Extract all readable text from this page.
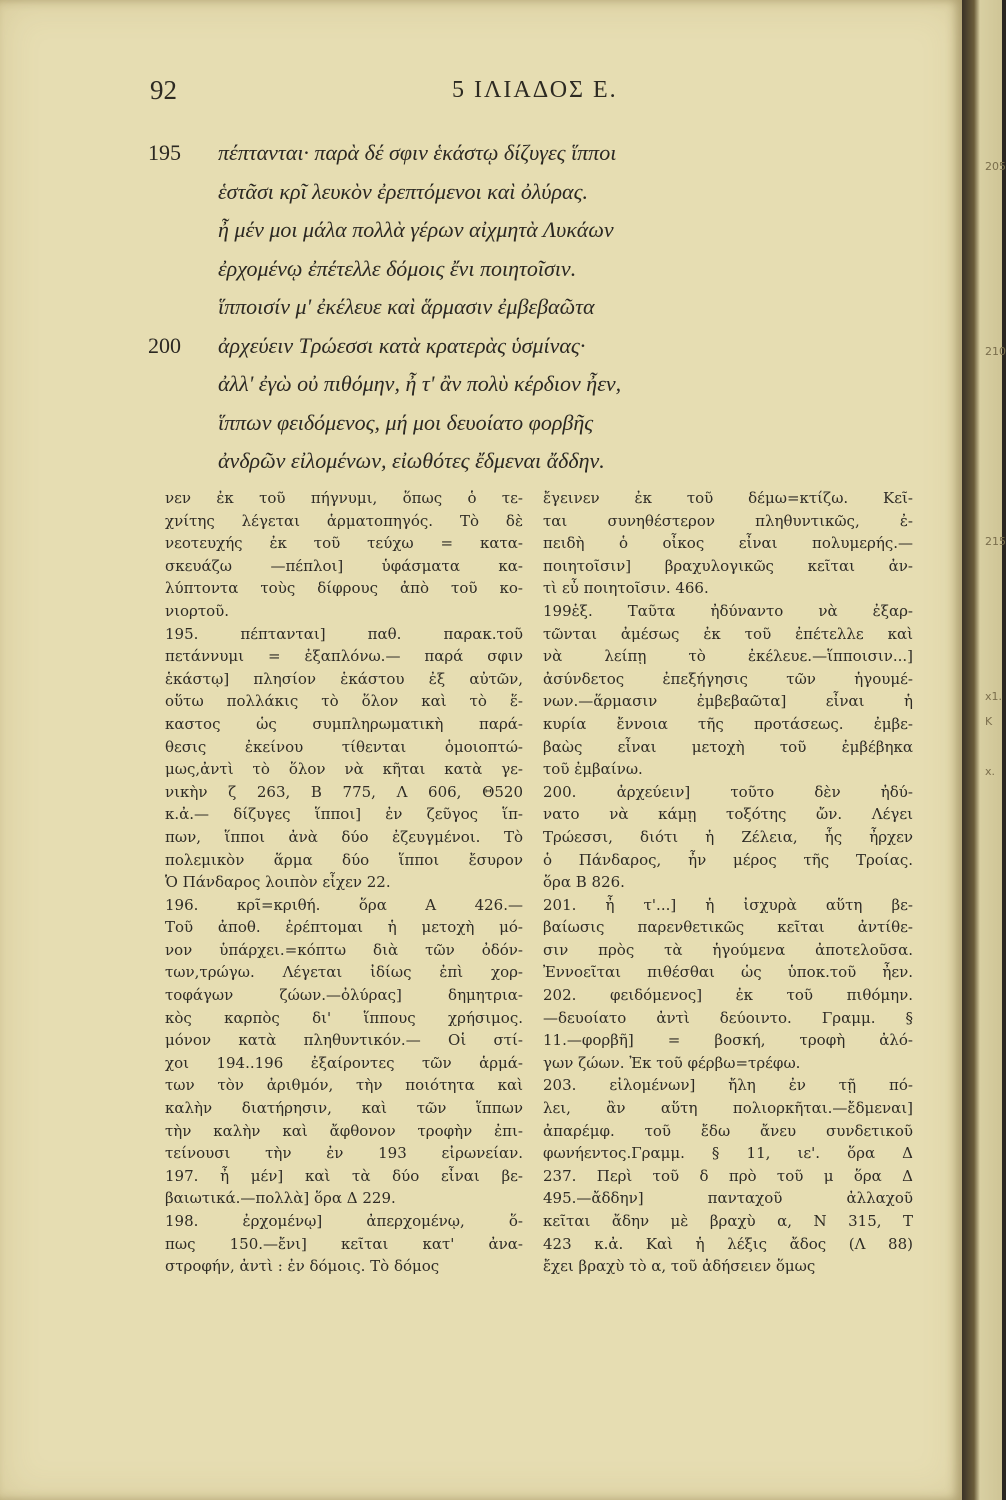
92	5 ΙΛΙΑΔΟΣ Ε.
195 πέπτανται· παρὰ δέ σφιν ἑκάστῳ δίζυγες ἵπποι
ἑστᾶσι κρῖ λευκὸν ἐρεπτόμενοι καὶ ὀλύρας.
ἦ μέν μοι μάλα πολλὰ γέρων αἰχμητὰ Λυκάων
ἐρχομένῳ ἐπέτελλε δόμοις ἔνι ποιητοῖσιν.
ἵπποισίν μ' ἐκέλευε καὶ ἅρμασιν ἐμβεβαῶτα
200 ἀρχεύειν Τρώεσσι κατὰ κρατερὰς ὑσμίνας·
ἀλλ' ἐγὼ οὐ πιθόμην, ἦ τ' ἂν πολὺ κέρδιον ἦεν,
ἵππων φειδόμενος, μή μοι δευοίατο φορβῆς
ἀνδρῶν εἰλομένων, εἰωθότες ἔδμεναι ἄδδην.
νεν ἐκ τοῦ πήγνυμι, ὅπως ὁ τε-
χνίτης λέγεται ἁρματοπηγός. Τὸ δὲ
νεοτευχής ἐκ τοῦ τεύχω = κατα-
σκευάζω —πέπλοι] ὑφάσματα κα-
λύπτοντα τοὺς δίφρους ἀπὸ τοῦ κο-
νιορτοῦ.
195. πέπτανται] παθ. παρακ.τοῦ
πετάννυμι = ἐξαπλόνω.— παρά σφιν
ἑκάστῳ] πλησίον ἑκάστου ἐξ αὐτῶν,
οὕτω πολλάκις τὸ ὅλον καὶ τὸ ἕ-
καστος ὡς συμπληρωματικὴ παρά-
θεσις ἐκείνου τίθενται ὁμοιοπτώ-
μως,ἀντὶ τὸ ὅλον νὰ κῆται κατὰ γε-
νικὴν ζ 263, Β 775, Λ 606, Θ520
κ.ἀ.— δίζυγες ἵπποι] ἐν ζεῦγος ἵπ-
πων, ἵπποι ἀνὰ δύο ἐζευγμένοι. Τὸ
πολεμικὸν ἅρμα δύο ἵπποι ἔσυρον
Ὁ Πάνδαρος λοιπὸν εἶχεν 22.
196. κρῖ=κριθή. ὅρα Α 426.—
Τοῦ ἀποθ. ἐρέπτομαι ἡ μετοχὴ μό-
νον ὑπάρχει.=κόπτω διὰ τῶν ὀδόν-
των,τρώγω. Λέγεται ἰδίως ἐπὶ χορ-
τοφάγων ζώων.—ὀλύρας] δημητρια-
κὸς καρπὸς δι' ἵππους χρήσιμος.
μόνον κατὰ πληθυντικόν.— Οἱ στί-
χοι 194..196 ἐξαίροντες τῶν ἁρμά-
των τὸν ἀριθμόν, τὴν ποιότητα καὶ
καλὴν διατήρησιν, καὶ τῶν ἵππων
τὴν καλὴν καὶ ἄφθονον τροφὴν ἐπι-
τείνουσι τὴν ἐν 193 εἰρωνείαν.
197. ἦ μέν] καὶ τὰ δύο εἶναι βε-
βαιωτικά.—πολλὰ] ὅρα Δ 229.
198. ἐρχομένῳ] ἀπερχομένῳ, ὅ-
πως 150.—ἔνι] κεῖται κατ' ἀνα-
στροφήν, ἀντὶ : ἐν δόμοις. Τὸ δόμος
ἔγεινεν ἐκ τοῦ δέμω=κτίζω. Κεῖ-
ται συνηθέστερον πληθυντικῶς, ἐ-
πειδὴ ὁ οἶκος εἶναι πολυμερής.—
ποιητοῖσιν] βραχυλογικῶς κεῖται ἀν-
τὶ εὖ ποιητοῖσιν. 466.
199ἑξ. Ταῦτα ἠδύναντο νὰ ἐξαρ-
τῶνται ἀμέσως ἐκ τοῦ ἐπέτελλε καὶ
νὰ λείπῃ τὸ ἐκέλευε.—ἵπποισιν...]
ἀσύνδετος ἐπεξήγησις τῶν ἡγουμέ-
νων.—ἅρμασιν ἐμβεβαῶτα] εἶναι ἡ
κυρία ἔννοια τῆς προτάσεως. ἐμβε-
βαὼς εἶναι μετοχὴ τοῦ ἐμβέβηκα
τοῦ ἐμβαίνω.
200. ἀρχεύειν] τοῦτο δὲν ἠδύ-
νατο νὰ κάμῃ τοξότης ὤν. Λέγει
Τρώεσσι, διότι ἡ Ζέλεια, ἧς ἦρχεν
ὁ Πάνδαρος, ἦν μέρος τῆς Τροίας.
ὅρα Β 826.
201. ἦ τ'...] ἡ ἰσχυρὰ αὕτη βε-
βαίωσις παρενθετικῶς κεῖται ἀντίθε-
σιν πρὸς τὰ ἡγούμενα ἀποτελοῦσα.
Ἐννοεῖται πιθέσθαι ὡς ὑποκ.τοῦ ἦεν.
202. φειδόμενος] ἐκ τοῦ πιθόμην.
—δευοίατο ἀντὶ δεύοιντο. Γραμμ. §
11.—φορβῆ] = βοσκή, τροφὴ ἀλό-
γων ζώων. Ἐκ τοῦ φέρβω=τρέφω.
203. εἰλομένων] ἤλη ἐν τῇ πό-
λει, ἂν αὕτη πολιορκῆται.—ἔδμεναι]
ἀπαρέμφ. τοῦ ἔδω ἄνευ συνδετικοῦ
φωνήεντος.Γραμμ. § 11, ιε'. ὅρα Δ
237. Περὶ τοῦ δ πρὸ τοῦ μ ὅρα Δ
495.—ἄδδην] πανταχοῦ ἀλλαχοῦ
κεῖται ἄδην μὲ βραχὺ α, Ν 315, Τ
423 κ.ἀ. Καὶ ἡ λέξις ἄδος (Λ 88)
ἔχει βραχὺ τὸ α, τοῦ ἀδήσειεν ὅμως
205
210
215
x1.
K
x.
